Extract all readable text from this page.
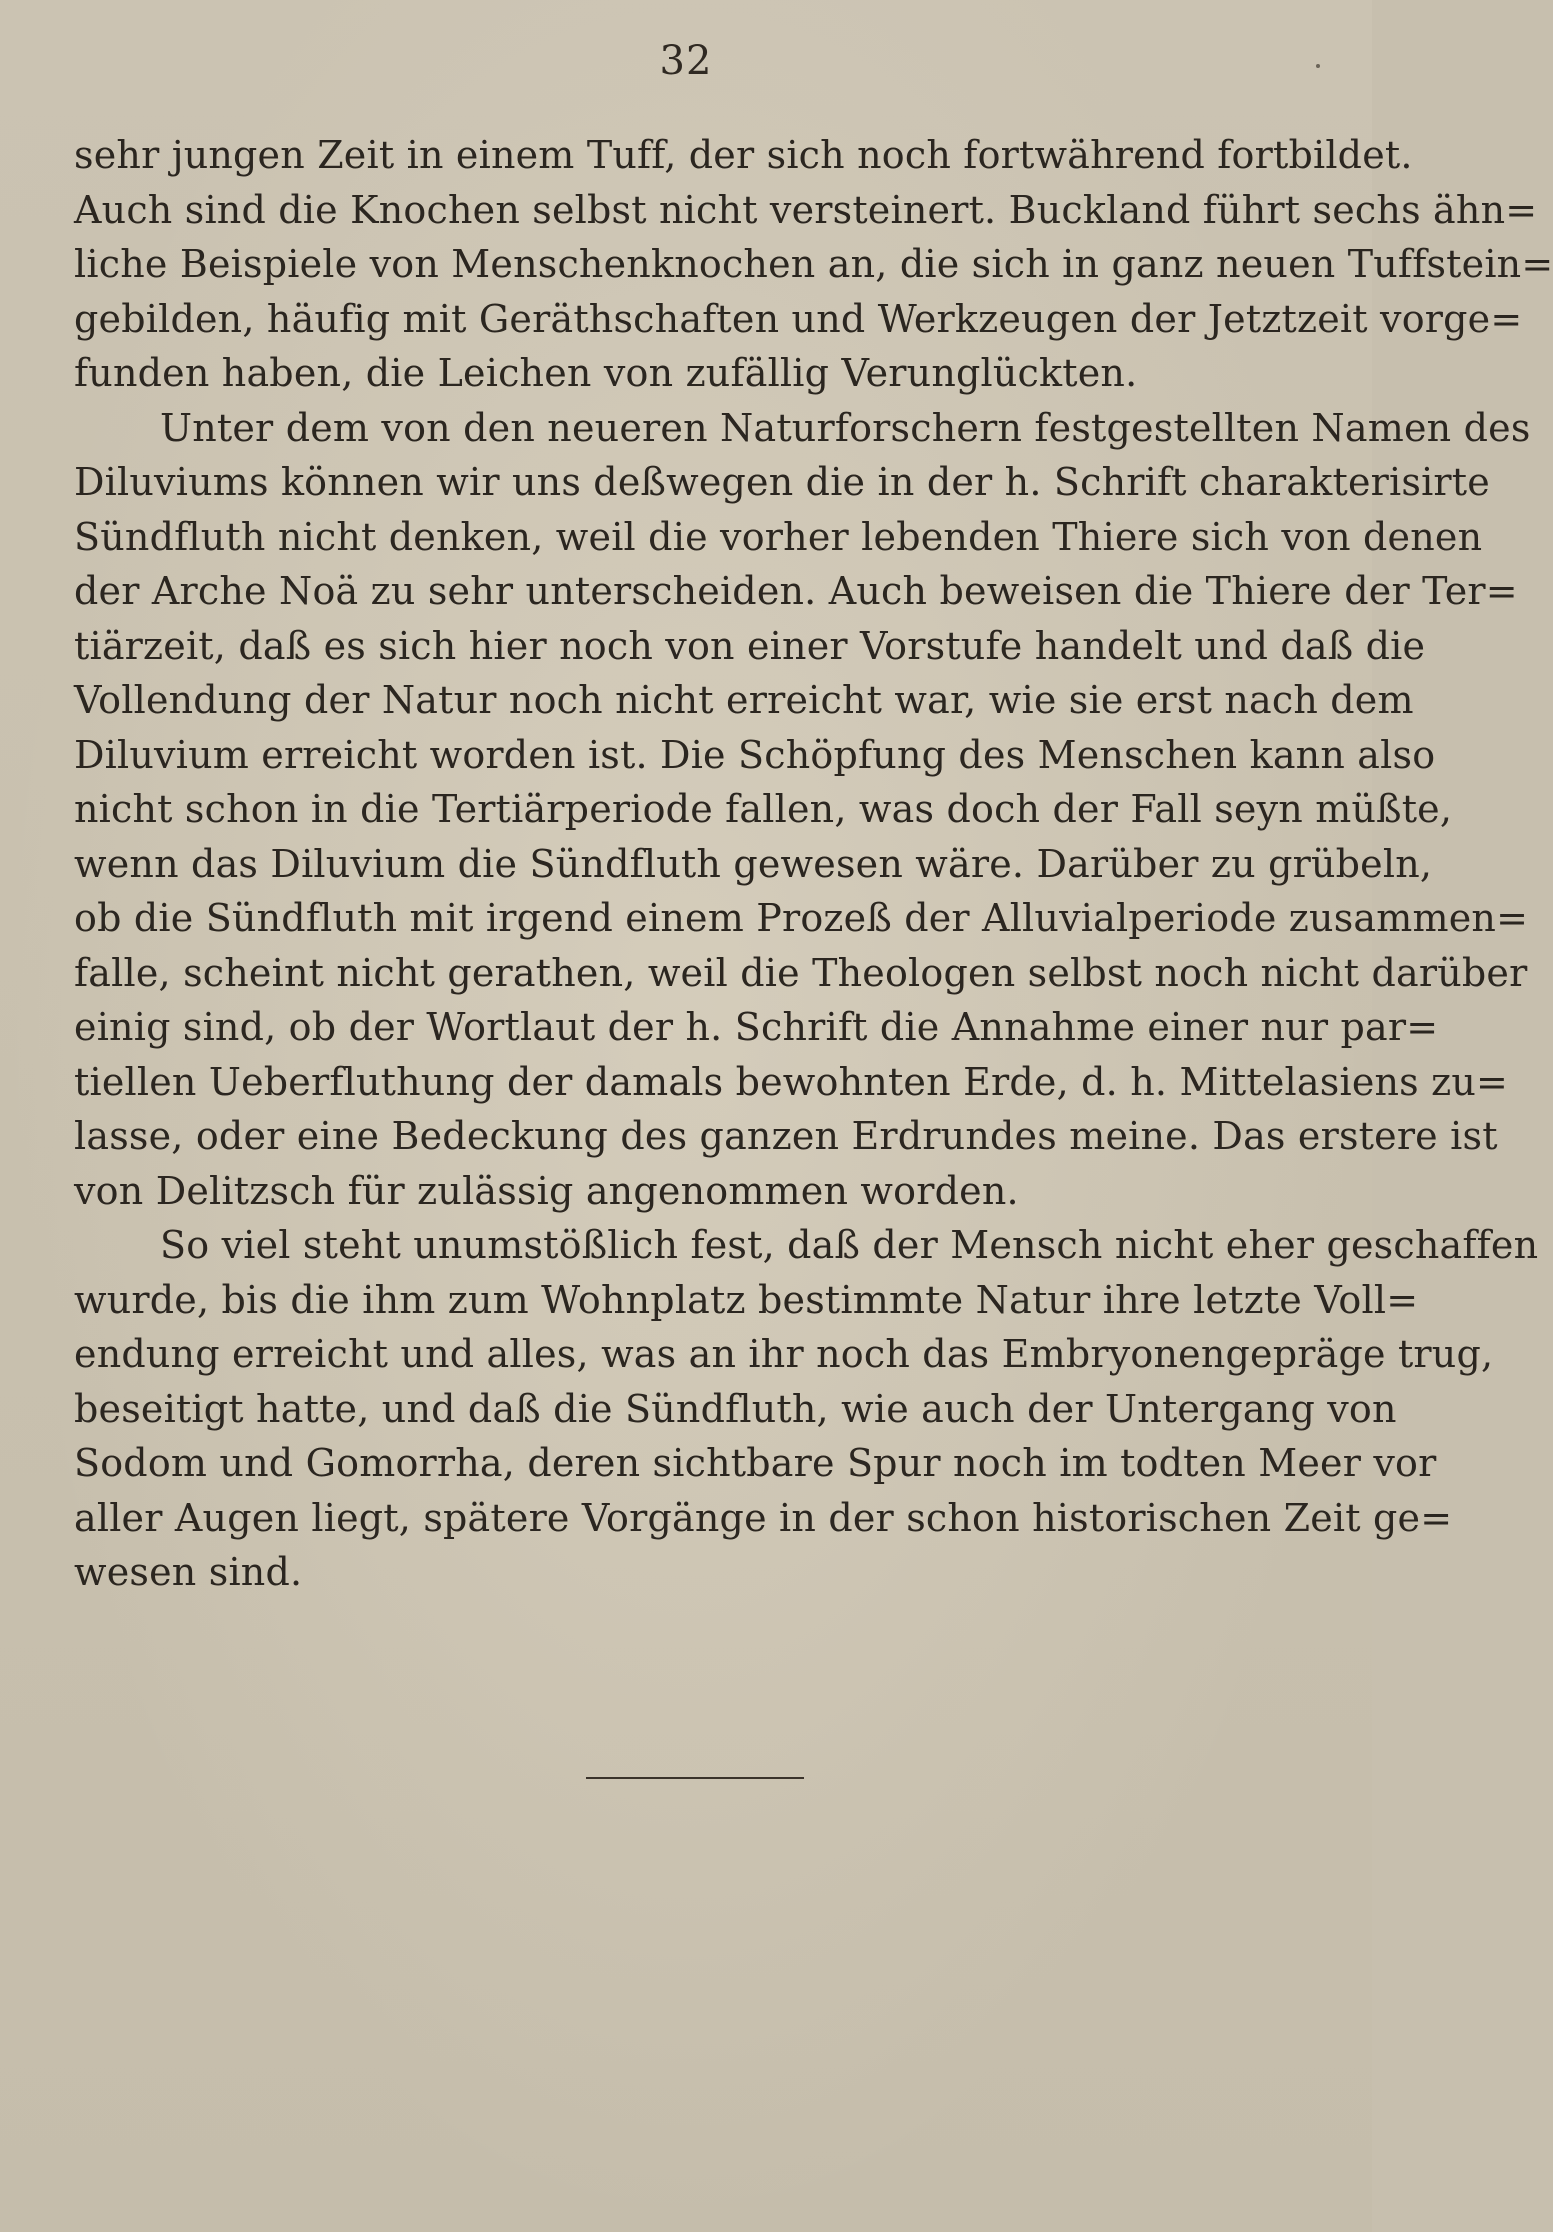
32
sehr jungen Zeit in einem Tuff, der sich noch fortwährend fortbildet.
Auch sind die Knochen selbst nicht versteinert. Buckland führt sechs ähn=
liche Beispiele von Menschenknochen an, die sich in ganz neuen Tuffstein=
gebilden, häufig mit Geräthschaften und Werkzeugen der Jetztzeit vorge=
funden haben, die Leichen von zufällig Verunglückten.
Unter dem von den neueren Naturforschern festgestellten Namen des
Diluviums können wir uns deßwegen die in der h. Schrift charakterisirte
Sündfluth nicht denken, weil die vorher lebenden Thiere sich von denen
der Arche Noä zu sehr unterscheiden. Auch beweisen die Thiere der Ter=
tiärzeit, daß es sich hier noch von einer Vorstufe handelt und daß die
Vollendung der Natur noch nicht erreicht war, wie sie erst nach dem
Diluvium erreicht worden ist. Die Schöpfung des Menschen kann also
nicht schon in die Tertiärperiode fallen, was doch der Fall seyn müßte,
wenn das Diluvium die Sündfluth gewesen wäre. Darüber zu grübeln,
ob die Sündfluth mit irgend einem Prozeß der Alluvialperiode zusammen=
falle, scheint nicht gerathen, weil die Theologen selbst noch nicht darüber
einig sind, ob der Wortlaut der h. Schrift die Annahme einer nur par=
tiellen Ueberfluthung der damals bewohnten Erde, d. h. Mittelasiens zu=
lasse, oder eine Bedeckung des ganzen Erdrundes meine. Das erstere ist
von Delitzsch für zulässig angenommen worden.
So viel steht unumstößlich fest, daß der Mensch nicht eher geschaffen
wurde, bis die ihm zum Wohnplatz bestimmte Natur ihre letzte Voll=
endung erreicht und alles, was an ihr noch das Embryonengepräge trug,
beseitigt hatte, und daß die Sündfluth, wie auch der Untergang von
Sodom und Gomorrha, deren sichtbare Spur noch im todten Meer vor
aller Augen liegt, spätere Vorgänge in der schon historischen Zeit ge=
wesen sind.
